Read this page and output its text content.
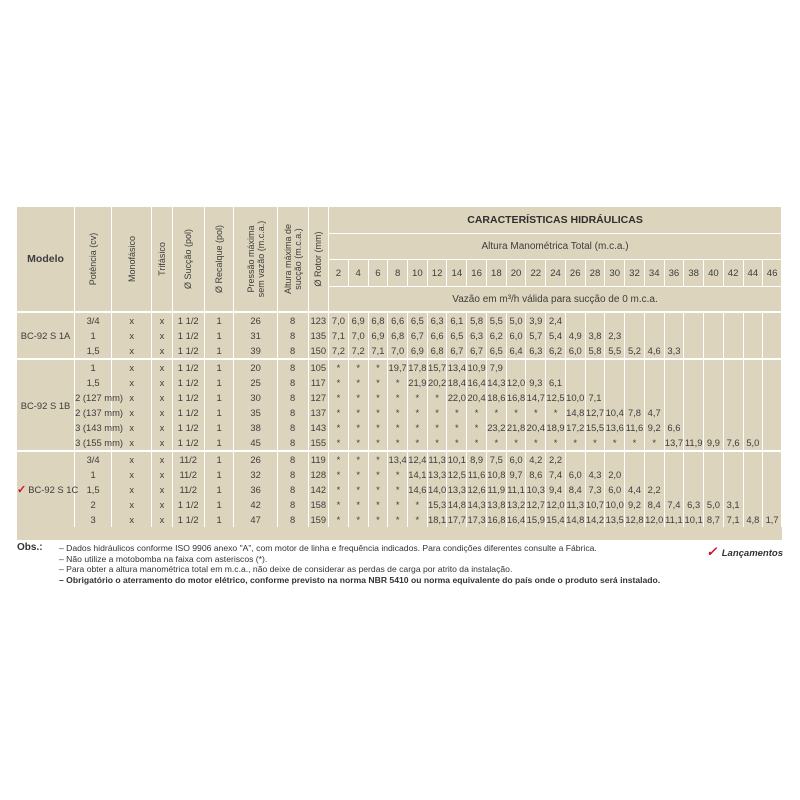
Modelo	Potência (cv)	Monofásico	Trifásico	Ø Sucção (pol)	Ø Recalque (pol)	Pressão máxima sem vazão (m.c.a.)	Altura máxima de sucção (m.c.a.)	Ø Rotor (mm)	CARACTERÍSTICAS HIDRÁULICAS																						
									Altura Manométrica Total (m.c.a.)																						
									2	4	6	8	10	12	14	16	18	20	22	24	26	28	30	32	34	36	38	40	42	44	46
									Vazão em m³/h válida para sucção de 0 m.c.a.																						
BC-92 S 1A	3/4	x	x	1 1/2	1	26	8	123	7,0	6,9	6,8	6,6	6,5	6,3	6,1	5,8	5,5	5,0	3,9	2,4											
	1	x	x	1 1/2	1	31	8	135	7,1	7,0	6,9	6,8	6,7	6,6	6,5	6,3	6,2	6,0	5,7	5,4	4,9	3,8	2,3								
	1,5	x	x	1 1/2	1	39	8	150	7,2	7,2	7,1	7,0	6,9	6,8	6,7	6,7	6,5	6,4	6,3	6,2	6,0	5,8	5,5	5,2	4,6	3,3					
BC-92 S 1B	1	x	x	1 1/2	1	20	8	105	*	*	*	19,7	17,8	15,7	13,4	10,9	7,9														
	1,5	x	x	1 1/2	1	25	8	117	*	*	*	*	21,9	20,2	18,4	16,4	14,3	12,0	9,3	6,1											
	2 (127 mm)	x	x	1 1/2	1	30	8	127	*	*	*	*	*	*	22,0	20,4	18,6	16,8	14,7	12,5	10,0	7,1									
	2 (137 mm)	x	x	1 1/2	1	35	8	137	*	*	*	*	*	*	*	*	*	*	*	*	14,8	12,7	10,4	7,8	4,7						
	3 (143 mm)	x	x	1 1/2	1	38	8	143	*	*	*	*	*	*	*	*	23,2	21,8	20,4	18,9	17,2	15,5	13,6	11,6	9,2	6,6					
	3 (155 mm)	x	x	1 1/2	1	45	8	155	*	*	*	*	*	*	*	*	*	*	*	*	*	*	*	*	*	13,7	11,9	9,9	7,6	5,0	
✓ BC-92 S 1C	3/4	x	x	11/2	1	26	8	119	*	*	*	13,4	12,4	11,3	10,1	8,9	7,5	6,0	4,2	2,2											
	1	x	x	11/2	1	32	8	128	*	*	*	*	14,1	13,3	12,5	11,6	10,8	9,7	8,6	7,4	6,0	4,3	2,0								
	1,5	x	x	11/2	1	36	8	142	*	*	*	*	14,6	14,0	13,3	12,6	11,9	11,1	10,3	9,4	8,4	7,3	6,0	4,4	2,2						
	2	x	x	1 1/2	1	42	8	158	*	*	*	*	*	15,3	14,8	14,3	13,8	13,2	12,7	12,0	11,3	10,7	10,0	9,2	8,4	7,4	6,3	5,0	3,1		
	3	x	x	1 1/2	1	47	8	159	*	*	*	*	*	18,1	17,7	17,3	16,8	16,4	15,9	15,4	14,8	14,2	13,5	12,8	12,0	11,1	10,1	8,7	7,1	4,8	1,7
Obs.: – Dados hidráulicos conforme ISO 9906 anexo "A", com motor de linha e frequência indicados. Para condições diferentes consulte a Fábrica.
– Não utilize a motobomba na faixa com asteriscos (*).
– Para obter a altura manométrica total em m.c.a., não deixe de considerar as perdas de carga por atrito da instalação.
– Obrigatório o aterramento do motor elétrico, conforme previsto na norma NBR 5410 ou norma equivalente do país onde o produto será instalado.
✓ Lançamentos
